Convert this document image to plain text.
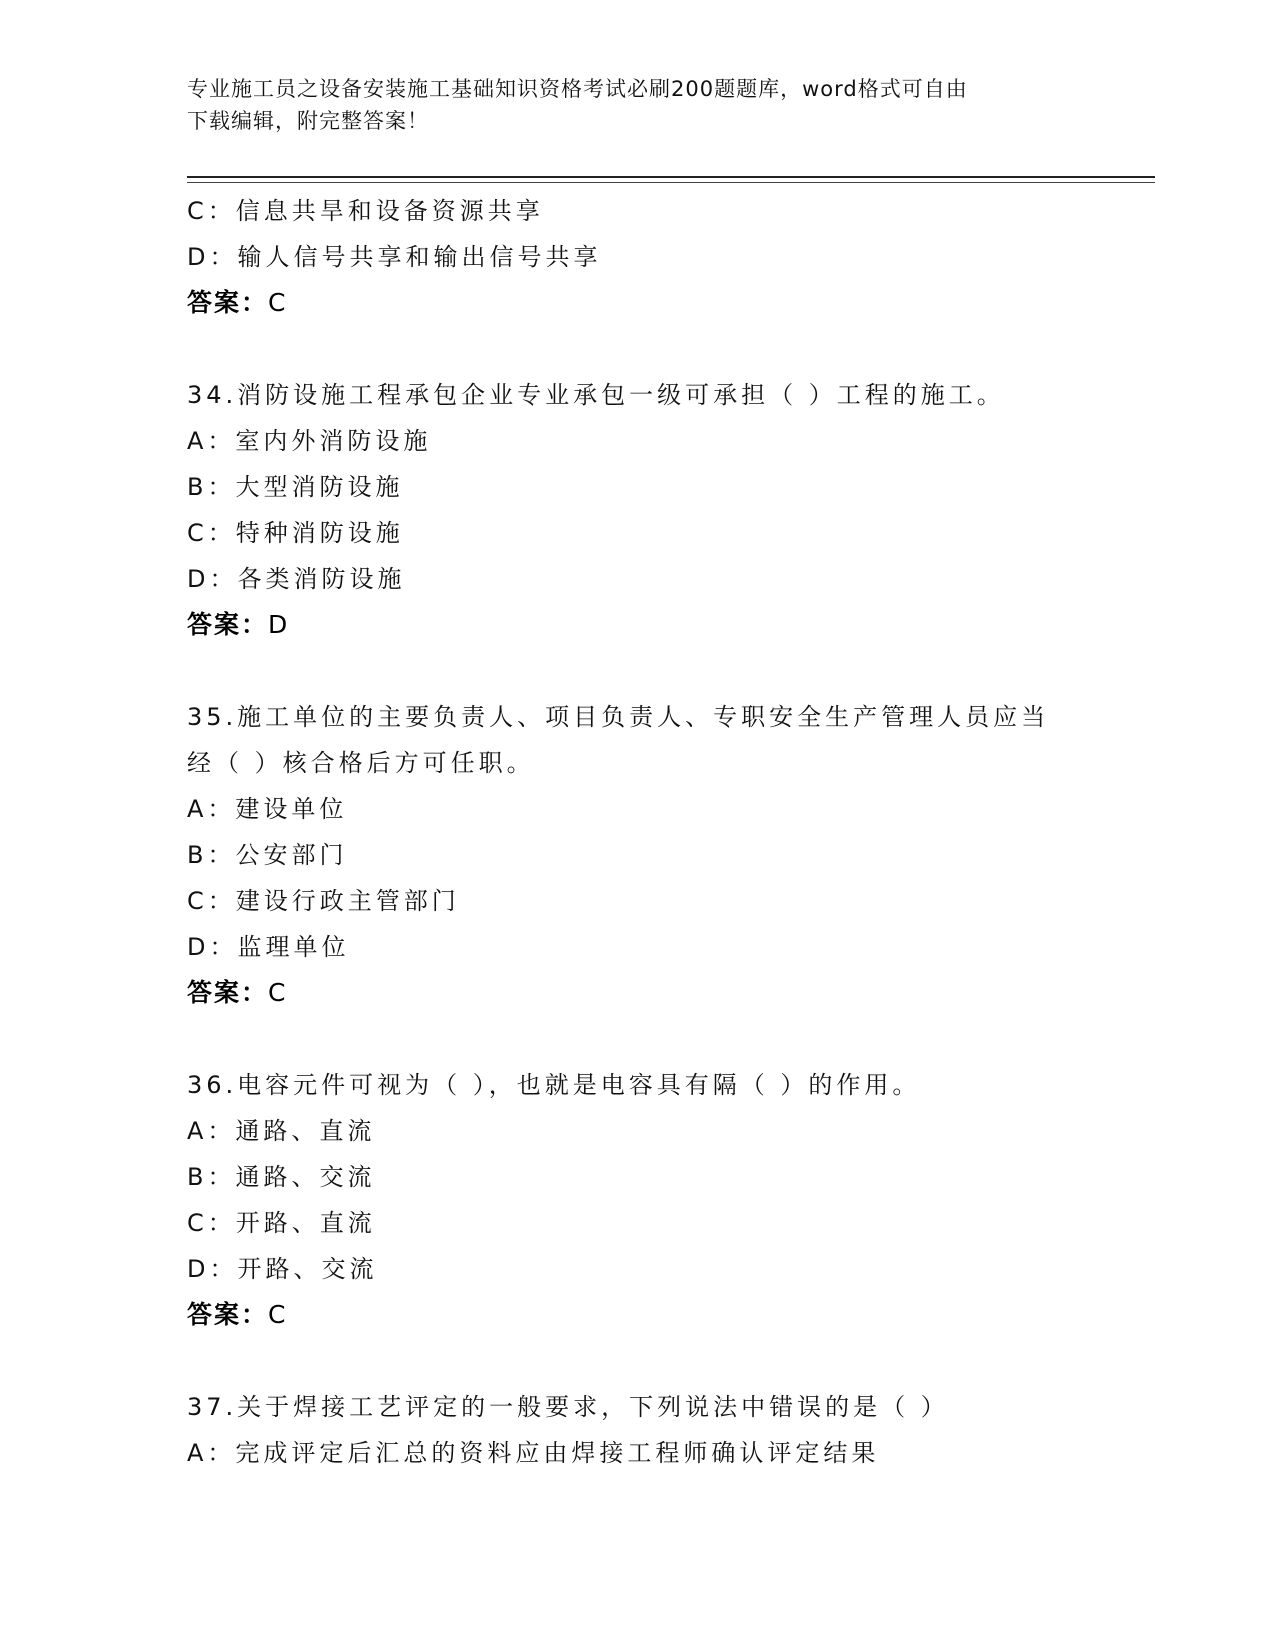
专业施工员之设备安装施工基础知识资格考试必刷200题题库，word格式可自由
下载编辑，附完整答案！
C：信息共旱和设备资源共享
D：输人信号共享和输出信号共享
答案：C
34.消防设施工程承包企业专业承包一级可承担（ ）工程的施工。
A：室内外消防设施
B：大型消防设施
C：特种消防设施
D：各类消防设施
答案：D
35.施工单位的主要负责人、项目负责人、专职安全生产管理人员应当
经（ ）核合格后方可任职。
A：建设单位
B：公安部门
C：建设行政主管部门
D：监理单位
答案：C
36.电容元件可视为（ ），也就是电容具有隔（ ）的作用。
A：通路、直流
B：通路、交流
C：开路、直流
D：开路、交流
答案：C
37.关于焊接工艺评定的一般要求，下列说法中错误的是（ ）
A：完成评定后汇总的资料应由焊接工程师确认评定结果
